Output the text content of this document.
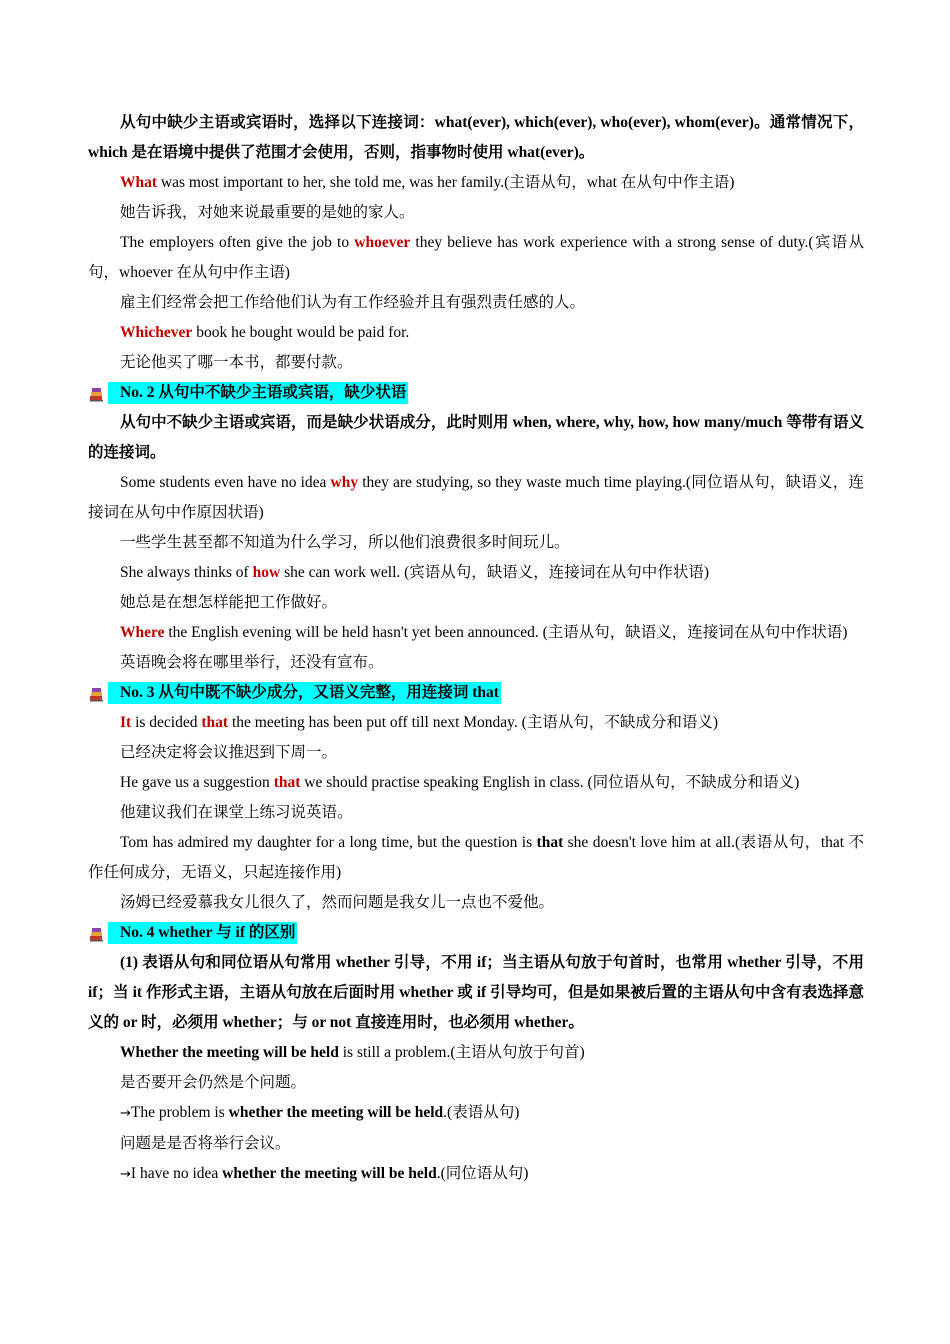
从句中缺少主语或宾语时，选择以下连接词：what(ever), which(ever), who(ever), whom(ever)。通常情况下，which 是在语境中提供了范围才会使用，否则，指事物时使用 what(ever)。

What was most important to her, she told me, was her family.(主语从句，what 在从句中作主语)

她告诉我，对她来说最重要的是她的家人。

The employers often give the job to whoever they believe has work experience with a strong sense of duty.(宾语从句，whoever 在从句中作主语)

雇主们经常会把工作给他们认为有工作经验并且有强烈责任感的人。

Whichever book he bought would be paid for.

无论他买了哪一本书，都要付款。

No. 2 从句中不缺少主语或宾语，缺少状语

从句中不缺少主语或宾语，而是缺少状语成分，此时则用 when, where, why, how, how many/much 等带有语义的连接词。

Some students even have no idea why they are studying, so they waste much time playing.(同位语从句，缺语义，连接词在从句中作原因状语)

一些学生甚至都不知道为什么学习，所以他们浪费很多时间玩儿。

She always thinks of how she can work well. (宾语从句，缺语义，连接词在从句中作状语)

她总是在想怎样能把工作做好。

Where the English evening will be held hasn't yet been announced. (主语从句，缺语义，连接词在从句中作状语)

英语晚会将在哪里举行，还没有宣布。

No. 3 从句中既不缺少成分，又语义完整，用连接词 that

It is decided that the meeting has been put off till next Monday. (主语从句，不缺成分和语义)

已经决定将会议推迟到下周一。

He gave us a suggestion that we should practise speaking English in class. (同位语从句，不缺成分和语义)

他建议我们在课堂上练习说英语。

Tom has admired my daughter for a long time, but the question is that she doesn't love him at all.(表语从句，that 不作任何成分，无语义，只起连接作用)

汤姆已经爱慕我女儿很久了，然而问题是我女儿一点也不爱他。

No. 4 whether 与 if 的区别

(1) 表语从句和同位语从句常用 whether 引导，不用 if；当主语从句放于句首时，也常用 whether 引导，不用 if；当 it 作形式主语，主语从句放在后面时用 whether 或 if 引导均可，但是如果被后置的主语从句中含有表选择意义的 or 时，必须用 whether；与 or not 直接连用时，也必须用 whether。

Whether the meeting will be held is still a problem.(主语从句放于句首)

是否要开会仍然是个问题。

→The problem is whether the meeting will be held.(表语从句)

问题是是否将举行会议。

→I have no idea whether the meeting will be held.(同位语从句)
